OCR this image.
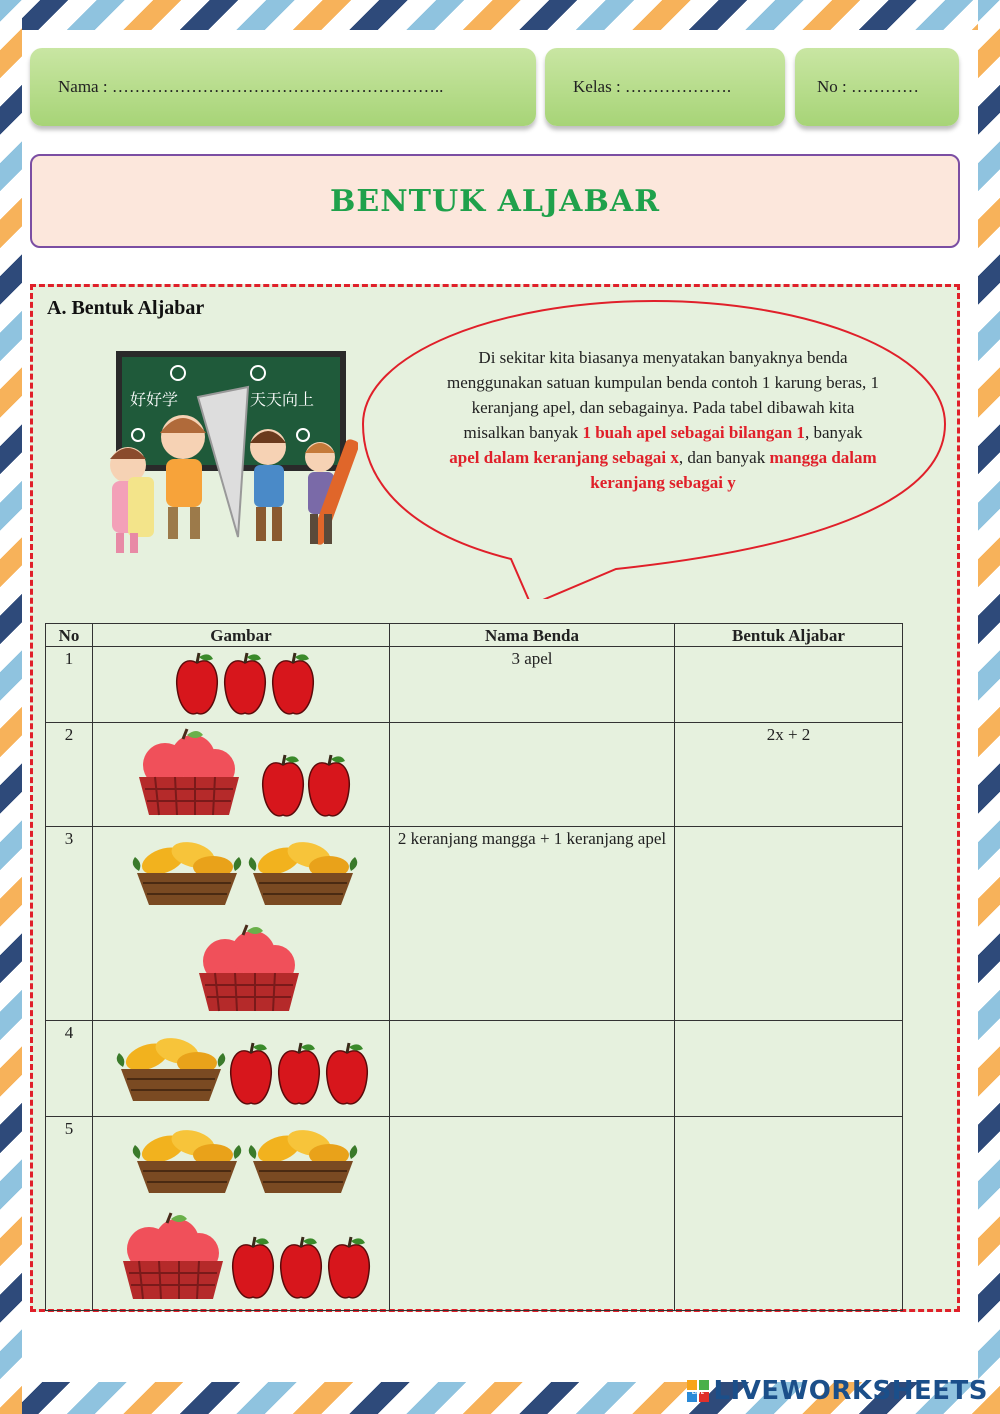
Nama : …………………………………………………..	Kelas : ……………….	No : …………
BENTUK ALJABAR
A. Bentuk Aljabar
好好学	天天向上
Di sekitar kita biasanya menyatakan banyaknya benda menggunakan satuan kumpulan benda contoh 1 karung beras, 1 keranjang apel, dan sebagainya. Pada tabel dibawah kita misalkan banyak 1 buah apel sebagai bilangan 1, banyak apel dalam keranjang sebagai x, dan banyak mangga dalam keranjang sebagai y
No	Gambar	Nama Benda	Bentuk Aljabar
1		3 apel	
2			2x + 2
3		2 keranjang mangga + 1 keranjang apel	
4			
5			
LIVE LIVEWORKSHEETS
